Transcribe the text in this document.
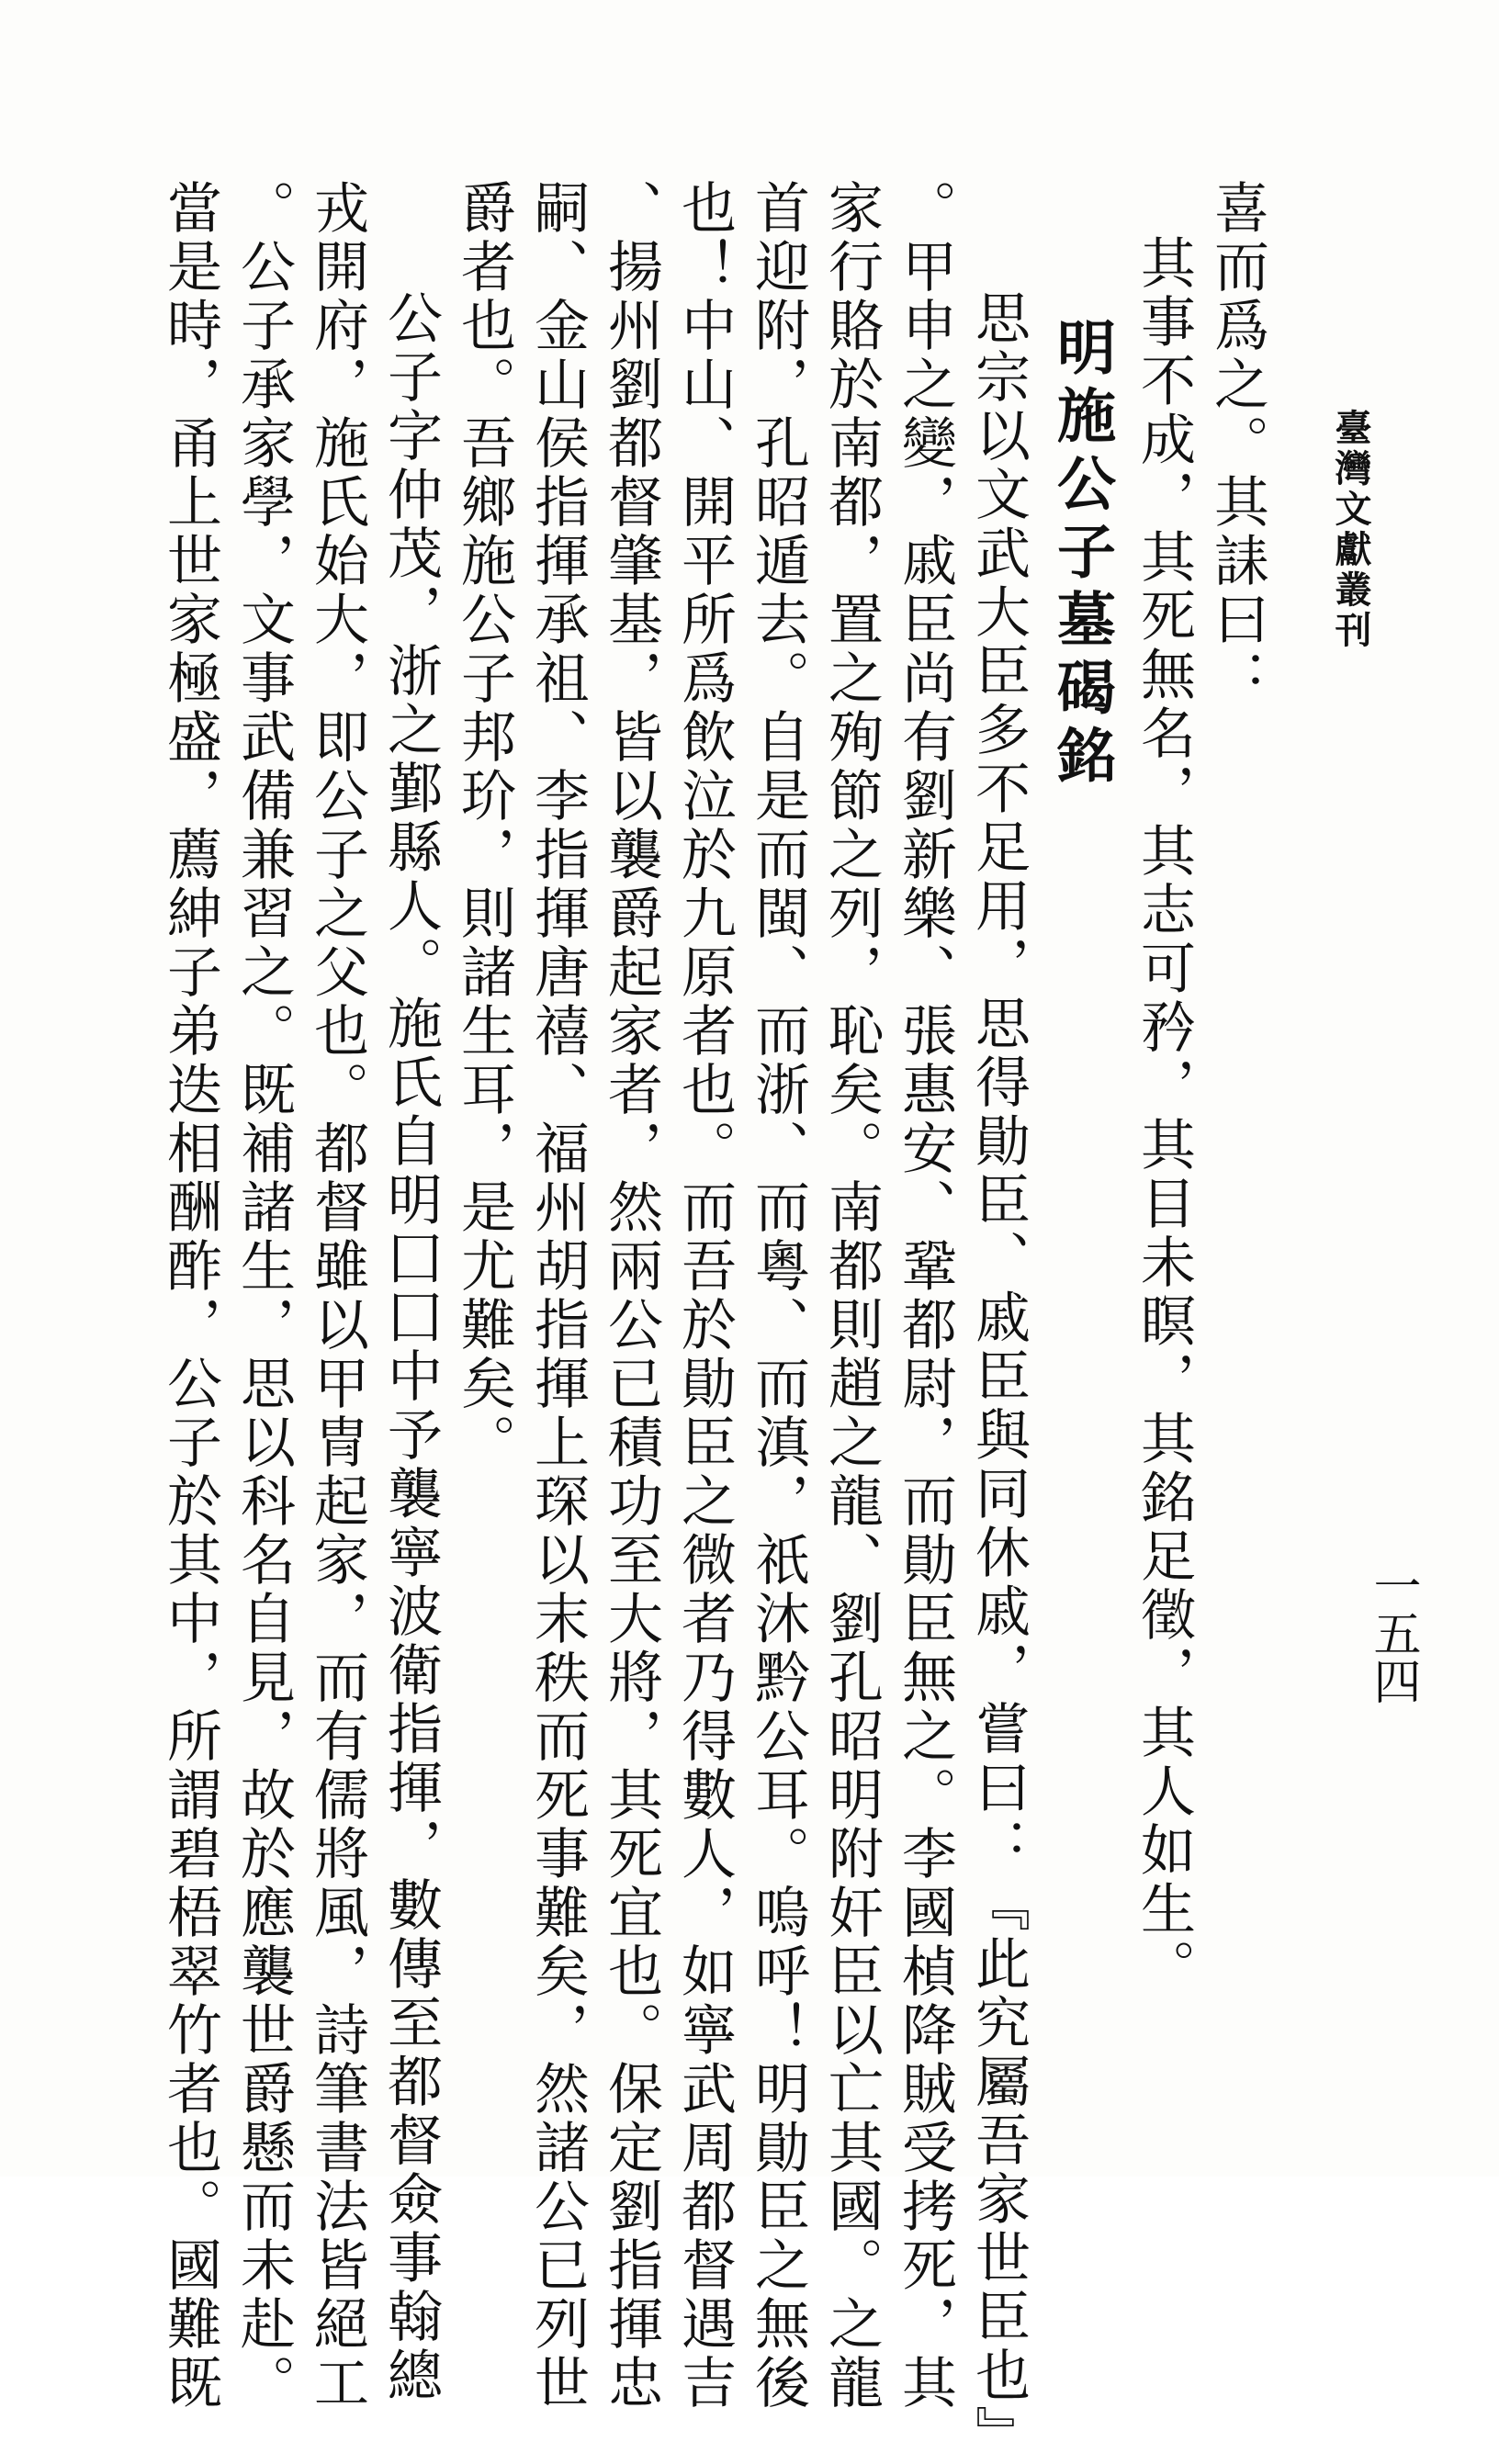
臺灣文獻叢刊
一五四

喜而爲之。其誄曰：

其事不成，其死無名，其志可矜，其目未瞑，其銘足徵，其人如生。

明施公子墓碣銘

思宗以文武大臣多不足用，思得勛臣、戚臣與同休戚，嘗曰：『此究屬吾家世臣也』

。甲申之變，戚臣尚有劉新樂、張惠安、鞏都尉，而勛臣無之。李國楨降賊受拷死，其

家行賂於南都，置之殉節之列，恥矣。南都則趙之龍、劉孔昭明附奸臣以亡其國。之龍

首迎附，孔昭遁去。自是而閩、而浙、而粵、而滇，祇沐黔公耳。嗚呼！明勛臣之無後

也！中山、開平所爲飲泣於九原者也。而吾於勛臣之微者乃得數人，如寧武周都督遇吉

、揚州劉都督肇基，皆以襲爵起家者，然兩公已積功至大將，其死宜也。保定劉指揮忠

嗣、金山侯指揮承祖、李指揮唐禧、福州胡指揮上琛以末秩而死事難矣，然諸公已列世

爵者也。吾鄉施公子邦玠，則諸生耳，是尤難矣。

公子字仲茂，浙之鄞縣人。施氏自明囗囗中予襲寧波衛指揮，數傳至都督僉事翰總

戎開府，施氏始大，即公子之父也。都督雖以甲冑起家，而有儒將風，詩筆書法皆絕工

。公子承家學，文事武備兼習之。既補諸生，思以科名自見，故於應襲世爵懸而未赴。

當是時，甬上世家極盛，薦紳子弟迭相酬酢，公子於其中，所謂碧梧翠竹者也。國難既
